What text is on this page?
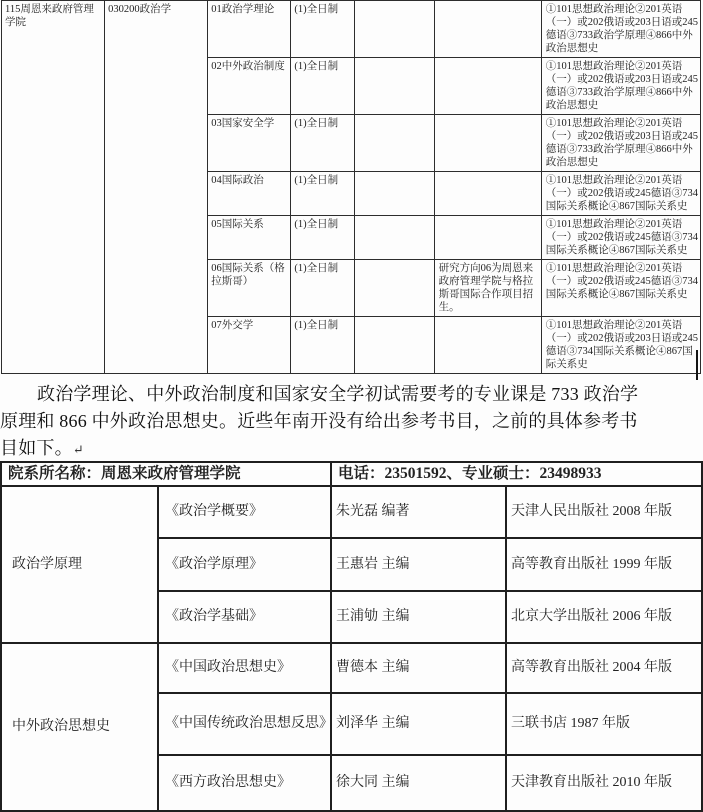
115周恩来政府管理学院	030200政治学	01政治学理论	(1)全日制			①101思想政治理论②201英语（一）或202俄语或203日语或245德语③733政治学原理④866中外政治思想史
		02中外政治制度	(1)全日制			①101思想政治理论②201英语（一）或202俄语或203日语或245德语③733政治学原理④866中外政治思想史
		03国家安全学	(1)全日制			①101思想政治理论②201英语（一）或202俄语或203日语或245德语③733政治学原理④866中外政治思想史
		04国际政治	(1)全日制			①101思想政治理论②201英语（一）或202俄语或245德语③734国际关系概论④867国际关系史
		05国际关系	(1)全日制			①101思想政治理论②201英语（一）或202俄语或245德语③734国际关系概论④867国际关系史
		06国际关系（格拉斯哥）	(1)全日制		研究方向06为周恩来政府管理学院与格拉斯哥国际合作项目招生。	①101思想政治理论②201英语（一）或202俄语或245德语③734国际关系概论④867国际关系史
		07外交学	(1)全日制			①101思想政治理论②201英语（一）或202俄语或203日语或245德语③734国际关系概论④867国际关系史
政治学理论、中外政治制度和国家安全学初试需要考的专业课是 733 政治学
原理和 866 中外政治思想史。近些年南开没有给出参考书目，之前的具体参考书
目如下。↵
院系所名称：周恩来政府管理学院		电话：23501592、专业硕士：23498933	
政治学原理	《政治学概要》	朱光磊 编著	天津人民出版社 2008 年版
	《政治学原理》	王惠岩 主编	高等教育出版社 1999 年版
	《政治学基础》	王浦劬 主编	北京大学出版社 2006 年版
中外政治思想史	《中国政治思想史》	曹德本 主编	高等教育出版社 2004 年版
	《中国传统政治思想反思》	刘泽华 主编	三联书店 1987 年版
	《西方政治思想史》	徐大同 主编	天津教育出版社 2010 年版
